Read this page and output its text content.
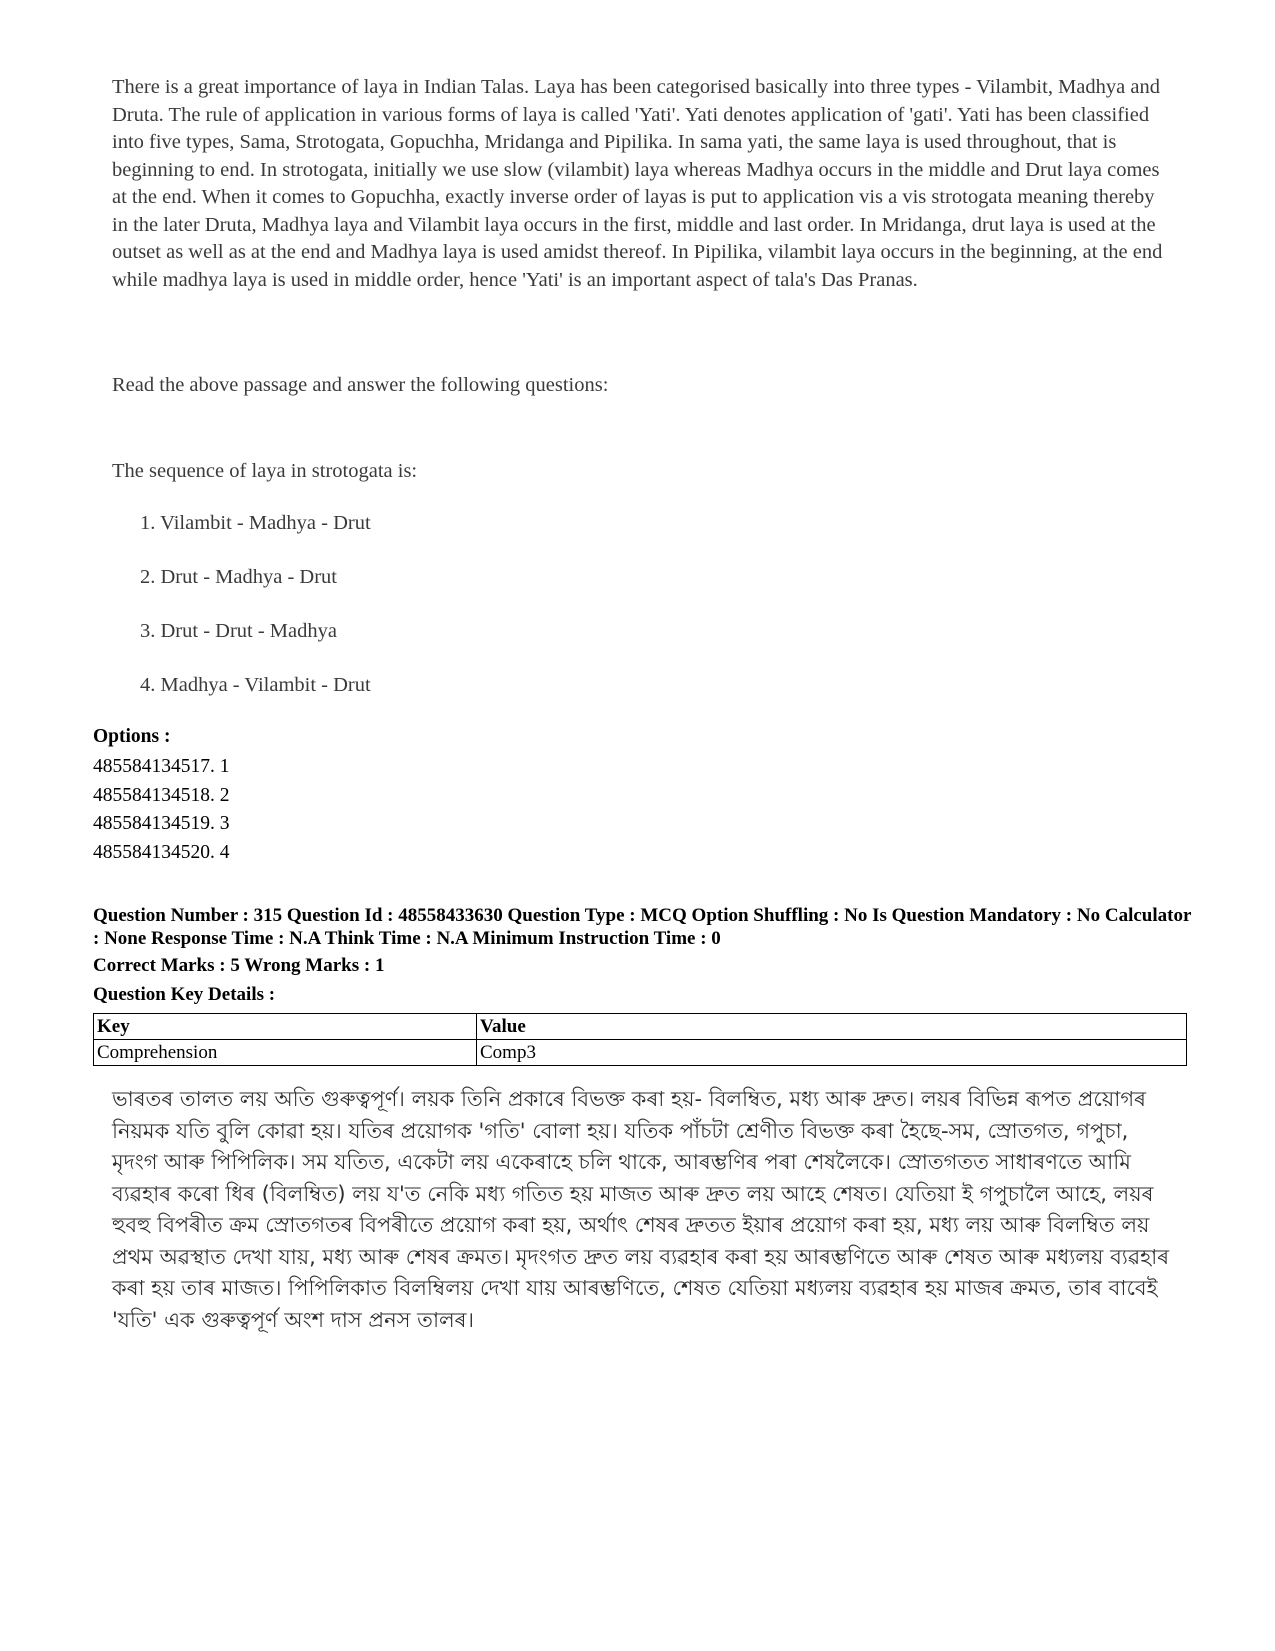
There is a great importance of laya in Indian Talas. Laya has been categorised basically into three types - Vilambit, Madhya and Druta. The rule of application in various forms of laya is called 'Yati'. Yati denotes application of 'gati'. Yati has been classified into five types, Sama, Strotogata, Gopuchha, Mridanga and Pipilika. In sama yati, the same laya is used throughout, that is beginning to end. In strotogata, initially we use slow (vilambit) laya whereas Madhya occurs in the middle and Drut laya comes at the end. When it comes to Gopuchha, exactly inverse order of layas is put to application vis a vis strotogata meaning thereby in the later Druta, Madhya laya and Vilambit laya occurs in the first, middle and last order. In Mridanga, drut laya is used at the outset as well as at the end and Madhya laya is used amidst thereof. In Pipilika, vilambit laya occurs in the beginning, at the end while madhya laya is used in middle order, hence 'Yati' is an important aspect of tala's Das Pranas.
Read the above passage and answer the following questions:
The sequence of laya in strotogata is:
1. Vilambit - Madhya - Drut
2. Drut - Madhya - Drut
3. Drut - Drut - Madhya
4. Madhya - Vilambit - Drut
Options :
485584134517. 1
485584134518. 2
485584134519. 3
485584134520. 4
Question Number : 315 Question Id : 48558433630 Question Type : MCQ Option Shuffling : No Is Question Mandatory : No Calculator : None Response Time : N.A Think Time : N.A Minimum Instruction Time : 0
Correct Marks : 5 Wrong Marks : 1
Question Key Details :
Key	Value
Comprehension	Comp3
ভাৰতৰ তালত লয় অতি গুৰুত্বপূৰ্ণ। লয়ক তিনি প্ৰকাৰে বিভক্ত কৰা হয়- বিলম্বিত, মধ্য আৰু দ্রুত। লয়ৰ বিভিন্ন ৰূপত প্ৰয়োগৰ নিয়মক যতি বুলি কোৱা হয়। যতিৰ প্ৰয়োগক 'গতি' বোলা হয়। যতিক পাঁচটা শ্ৰেণীত বিভক্ত কৰা হৈছে-সম, স্রোতগত, গপুচা, মৃদংগ আৰু পিপিলিক। সম যতিত, একেটা লয় একেৰাহে চলি থাকে, আৰম্ভণিৰ পৰা শেষলৈকে। স্রোতগতত সাধাৰণতে আমি ব্যৱহাৰ কৰো ধিৰ (বিলম্বিত) লয় য'ত নেকি মধ্য গতিত হয় মাজত আৰু দ্রুত লয় আহে শেষত। যেতিয়া ই গপুচালৈ আহে, লয়ৰ হুবহু বিপৰীত ক্ৰম স্রোতগতৰ বিপৰীতে প্ৰয়োগ কৰা হয়, অৰ্থাৎ শেষৰ দ্রুতত ইয়াৰ প্ৰয়োগ কৰা হয়, মধ্য লয় আৰু বিলম্বিত লয় প্ৰথম অৱস্থাত দেখা যায়, মধ্য আৰু শেষৰ ক্ৰমত। মৃদংগত দ্রুত লয় ব্যৱহাৰ কৰা হয় আৰম্ভণিতে আৰু শেষত আৰু মধ্যলয় ব্যৱহাৰ কৰা হয় তাৰ মাজত। পিপিলিকাত বিলম্বিলয় দেখা যায় আৰম্ভণিতে, শেষত যেতিয়া মধ্যলয় ব্যৱহাৰ হয় মাজৰ ক্ৰমত, তাৰ বাবেই 'যতি' এক গুৰুত্বপূৰ্ণ অংশ দাস প্ৰনস তালৰ।
